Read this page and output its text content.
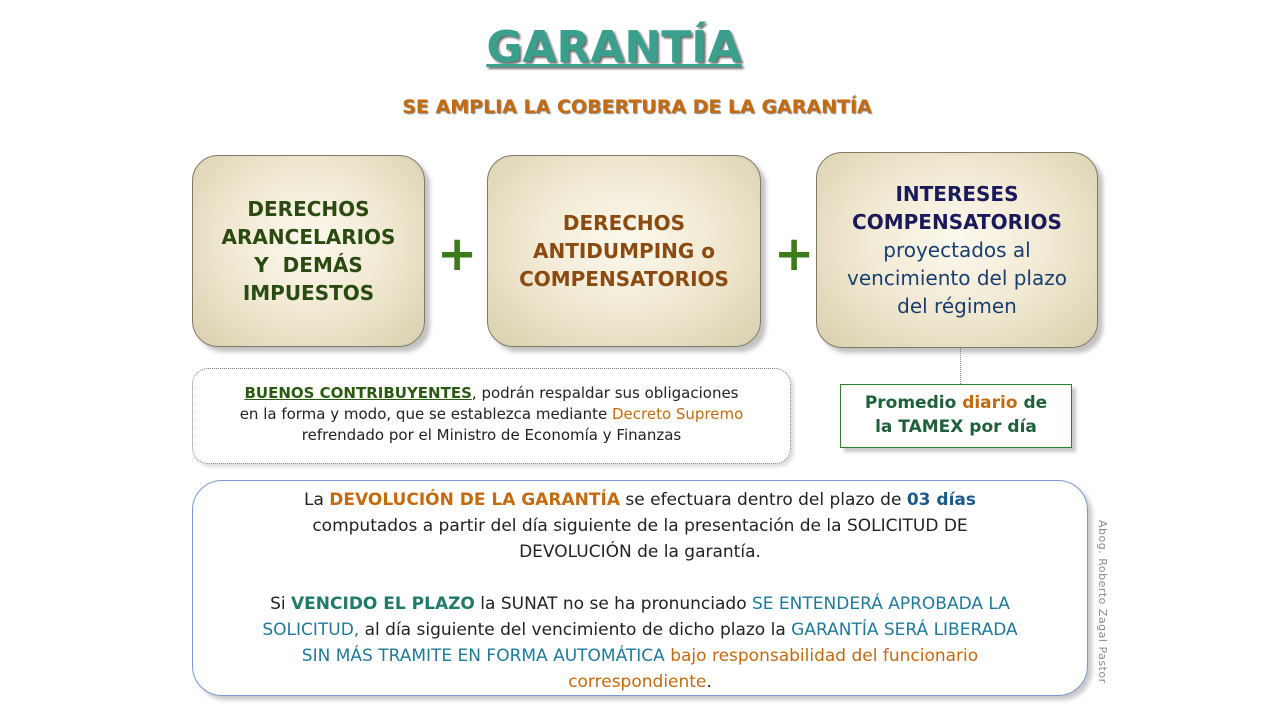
GARANTÍA
SE AMPLIA LA COBERTURA DE LA GARANTÍA
DERECHOS
ARANCELARIOS
Y  DEMÁS
IMPUESTOS
+
DERECHOS
ANTIDUMPING o
COMPENSATORIOS +
INTERESES
COMPENSATORIOS
proyectados al
vencimiento del plazo
del régimen
BUENOS CONTRIBUYENTES, podrán respaldar sus obligaciones
en la forma y modo, que se establezca mediante Decreto Supremo
refrendado por el Ministro de Economía y Finanzas
Promedio diario de
la TAMEX por día
La DEVOLUCIÓN DE LA GARANTÍA se efectuara dentro del plazo de 03 días
computados a partir del día siguiente de la presentación de la SOLICITUD DE
DEVOLUCIÓN de la garantía.
Si VENCIDO EL PLAZO la SUNAT no se ha pronunciado SE ENTENDERÁ APROBADA LA
SOLICITUD, al día siguiente del vencimiento de dicho plazo la GARANTÍA SERÁ LIBERADA
SIN MÁS TRAMITE EN FORMA AUTOMÁTICA bajo responsabilidad del funcionario
correspondiente.	Abog. Roberto Zagal Pastor
